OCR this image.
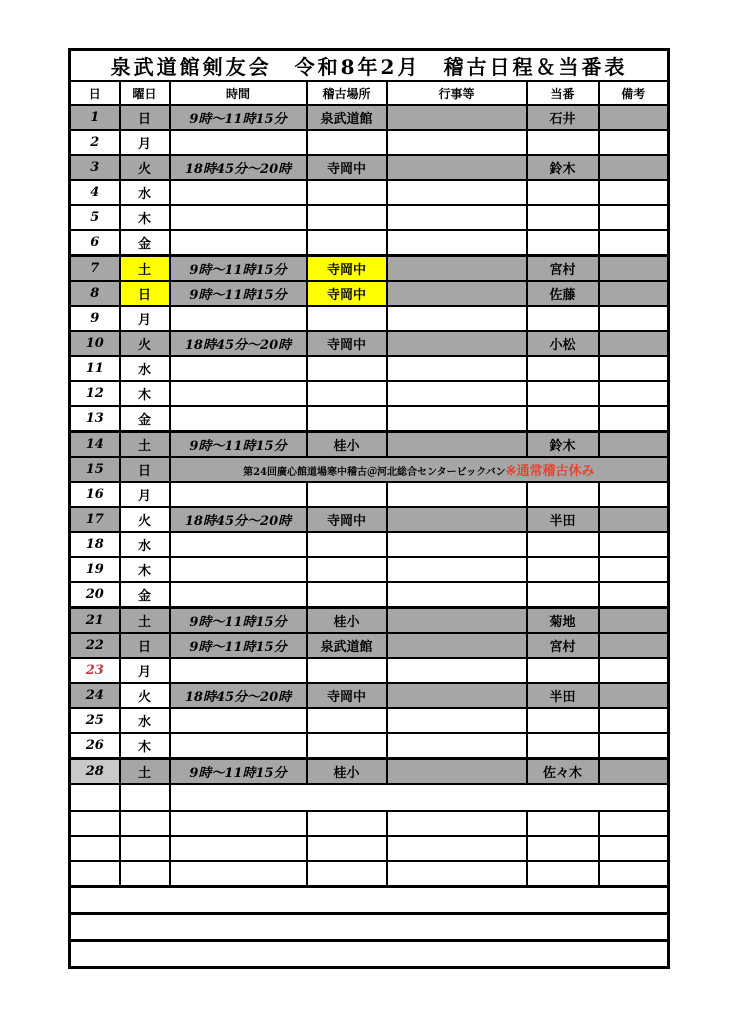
泉武道館剣友会　令和8年2月　稽古日程＆当番表						
日	曜日	時間	稽古場所	行事等	当番	備考
1	日	9時～11時15分	泉武道館		石井	
2	月					
3	火	18時45分～20時	寺岡中		鈴木	
4	水					
5	木					
6	金					
7	土	9時～11時15分	寺岡中		宮村	
8	日	9時～11時15分	寺岡中		佐藤	
9	月					
10	火	18時45分～20時	寺岡中		小松	
11	水					
12	木					
13	金					
14	土	9時～11時15分	桂小		鈴木	
15	日	第24回廣心館道場寒中稽古＠河北総合センタービックバン※通常稽古休み				
16	月					
17	火	18時45分～20時	寺岡中		半田	
18	水					
19	木					
20	金					
21	土	9時～11時15分	桂小		菊地	
22	日	9時～11時15分	泉武道館		宮村	
23	月					
24	火	18時45分～20時	寺岡中		半田	
25	水					
26	木					
28	土	9時～11時15分	桂小		佐々木	
